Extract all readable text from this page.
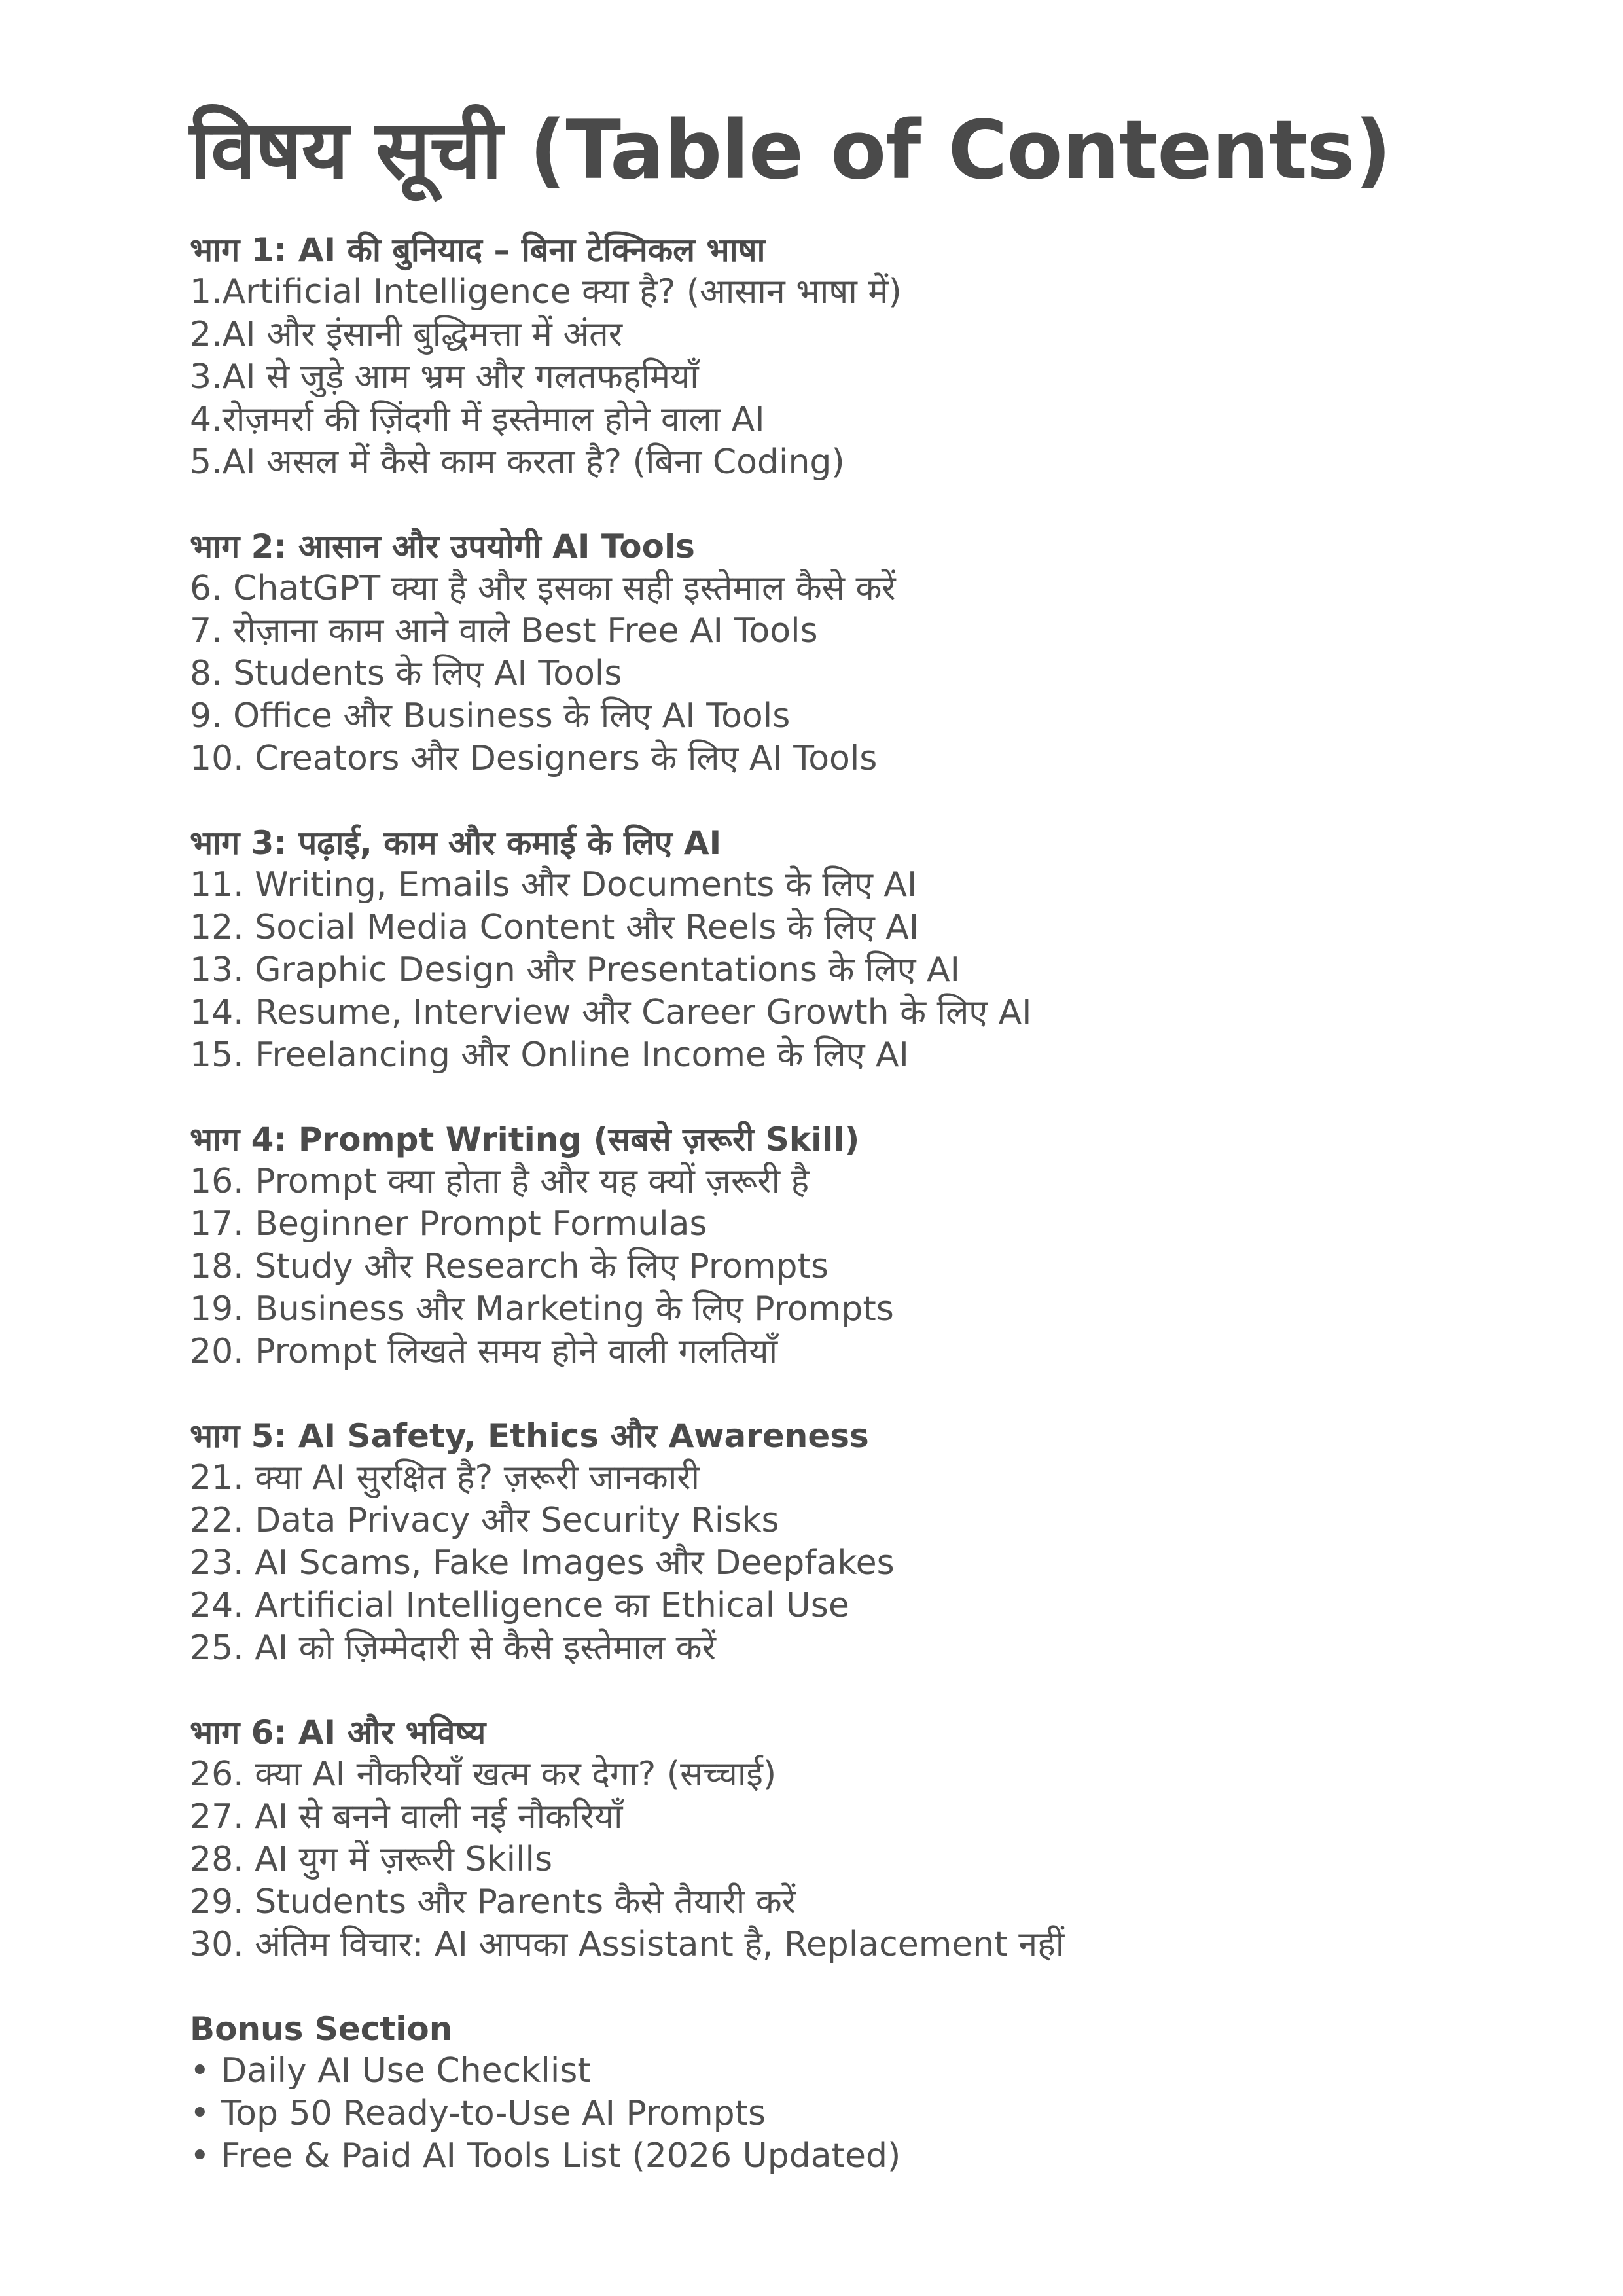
विषय सूची (Table of Contents)
भाग 1: AI की बुनियाद – बिना टेक्निकल भाषा
1.Artificial Intelligence क्या है? (आसान भाषा में)
2.AI और इंसानी बुद्धिमत्ता में अंतर
3.AI से जुड़े आम भ्रम और गलतफहमियाँ
4.रोज़मर्रा की ज़िंदगी में इस्तेमाल होने वाला AI
5.AI असल में कैसे काम करता है? (बिना Coding)
भाग 2: आसान और उपयोगी AI Tools
6. ChatGPT क्या है और इसका सही इस्तेमाल कैसे करें
7. रोज़ाना काम आने वाले Best Free AI Tools
8. Students के लिए AI Tools
9. Office और Business के लिए AI Tools
10. Creators और Designers के लिए AI Tools
भाग 3: पढ़ाई, काम और कमाई के लिए AI
11. Writing, Emails और Documents के लिए AI
12. Social Media Content और Reels के लिए AI
13. Graphic Design और Presentations के लिए AI
14. Resume, Interview और Career Growth के लिए AI
15. Freelancing और Online Income के लिए AI
भाग 4: Prompt Writing (सबसे ज़रूरी Skill)
16. Prompt क्या होता है और यह क्यों ज़रूरी है
17. Beginner Prompt Formulas
18. Study और Research के लिए Prompts
19. Business और Marketing के लिए Prompts
20. Prompt लिखते समय होने वाली गलतियाँ
भाग 5: AI Safety, Ethics और Awareness
21. क्या AI सुरक्षित है? ज़रूरी जानकारी
22. Data Privacy और Security Risks
23. AI Scams, Fake Images और Deepfakes
24. Artificial Intelligence का Ethical Use
25. AI को ज़िम्मेदारी से कैसे इस्तेमाल करें
भाग 6: AI और भविष्य
26. क्या AI नौकरियाँ खत्म कर देगा? (सच्चाई)
27. AI से बनने वाली नई नौकरियाँ
28. AI युग में ज़रूरी Skills
29. Students और Parents कैसे तैयारी करें
30. अंतिम विचार: AI आपका Assistant है, Replacement नहीं
Bonus Section
• Daily AI Use Checklist
• Top 50 Ready-to-Use AI Prompts
• Free & Paid AI Tools List (2026 Updated)
